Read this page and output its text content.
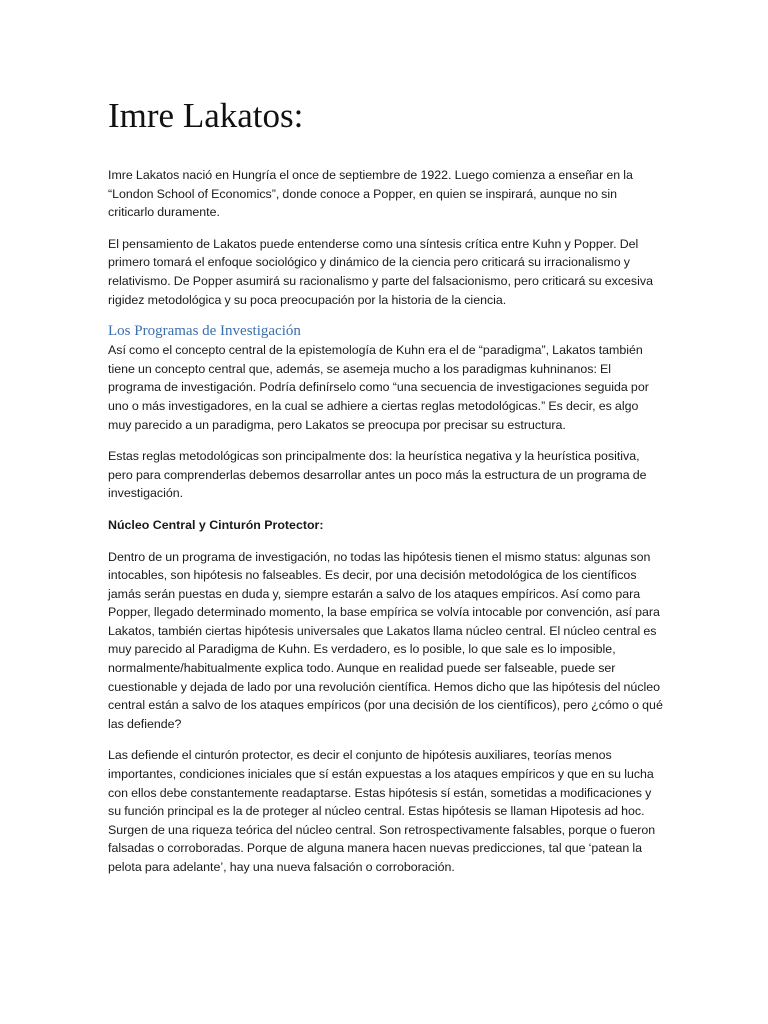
Imre Lakatos:

Imre Lakatos nació en Hungría el once de septiembre de 1922. Luego comienza a enseñar en la “London School of Economics”, donde conoce a Popper, en quien se inspirará, aunque no sin criticarlo duramente.

El pensamiento de Lakatos puede entenderse como una síntesis crítica entre Kuhn y Popper. Del primero tomará el enfoque sociológico y dinámico de la ciencia pero criticará su irracionalismo y relativismo. De Popper asumirá su racionalismo y parte del falsacionismo, pero criticará su excesiva rigidez metodológica y su poca preocupación por la historia de la ciencia.

Los Programas de Investigación

Así como el concepto central de la epistemología de Kuhn era el de “paradigma”, Lakatos también tiene un concepto central que, además, se asemeja mucho a los paradigmas kuhninanos: El programa de investigación. Podría definírselo como “una secuencia de investigaciones seguida por uno o más investigadores, en la cual se adhiere a ciertas reglas metodológicas.” Es decir, es algo muy parecido a un paradigma, pero Lakatos se preocupa por precisar su estructura.

Estas reglas metodológicas son principalmente dos: la heurística negativa y la heurística positiva, pero para comprenderlas debemos desarrollar antes un poco más la estructura de un programa de investigación.

Núcleo Central y Cinturón Protector:

Dentro de un programa de investigación, no todas las hipótesis tienen el mismo status: algunas son intocables, son hipótesis no falseables. Es decir, por una decisión metodológica de los científicos jamás serán puestas en duda y, siempre estarán a salvo de los ataques empíricos. Así como para Popper, llegado determinado momento, la base empírica se volvía intocable por convención, así para Lakatos, también ciertas hipótesis universales que Lakatos llama núcleo central. El núcleo central es muy parecido al Paradigma de Kuhn. Es verdadero, es lo posible, lo que sale es lo imposible, normalmente/habitualmente explica todo. Aunque en realidad puede ser falseable, puede ser cuestionable y dejada de lado por una revolución científica. Hemos dicho que las hipótesis del núcleo central están a salvo de los ataques empíricos (por una decisión de los científicos), pero ¿cómo o qué las defiende?

Las defiende el cinturón protector, es decir el conjunto de hipótesis auxiliares, teorías menos importantes, condiciones iniciales que sí están expuestas a los ataques empíricos y que en su lucha con ellos debe constantemente readaptarse. Estas hipótesis sí están, sometidas a modificaciones y su función principal es la de proteger al núcleo central. Estas hipótesis se llaman Hipotesis ad hoc. Surgen de una riqueza teórica del núcleo central. Son retrospectivamente falsables, porque o fueron falsadas o corroboradas. Porque de alguna manera hacen nuevas predicciones, tal que ‘patean la pelota para adelante’, hay una nueva falsación o corroboración.
